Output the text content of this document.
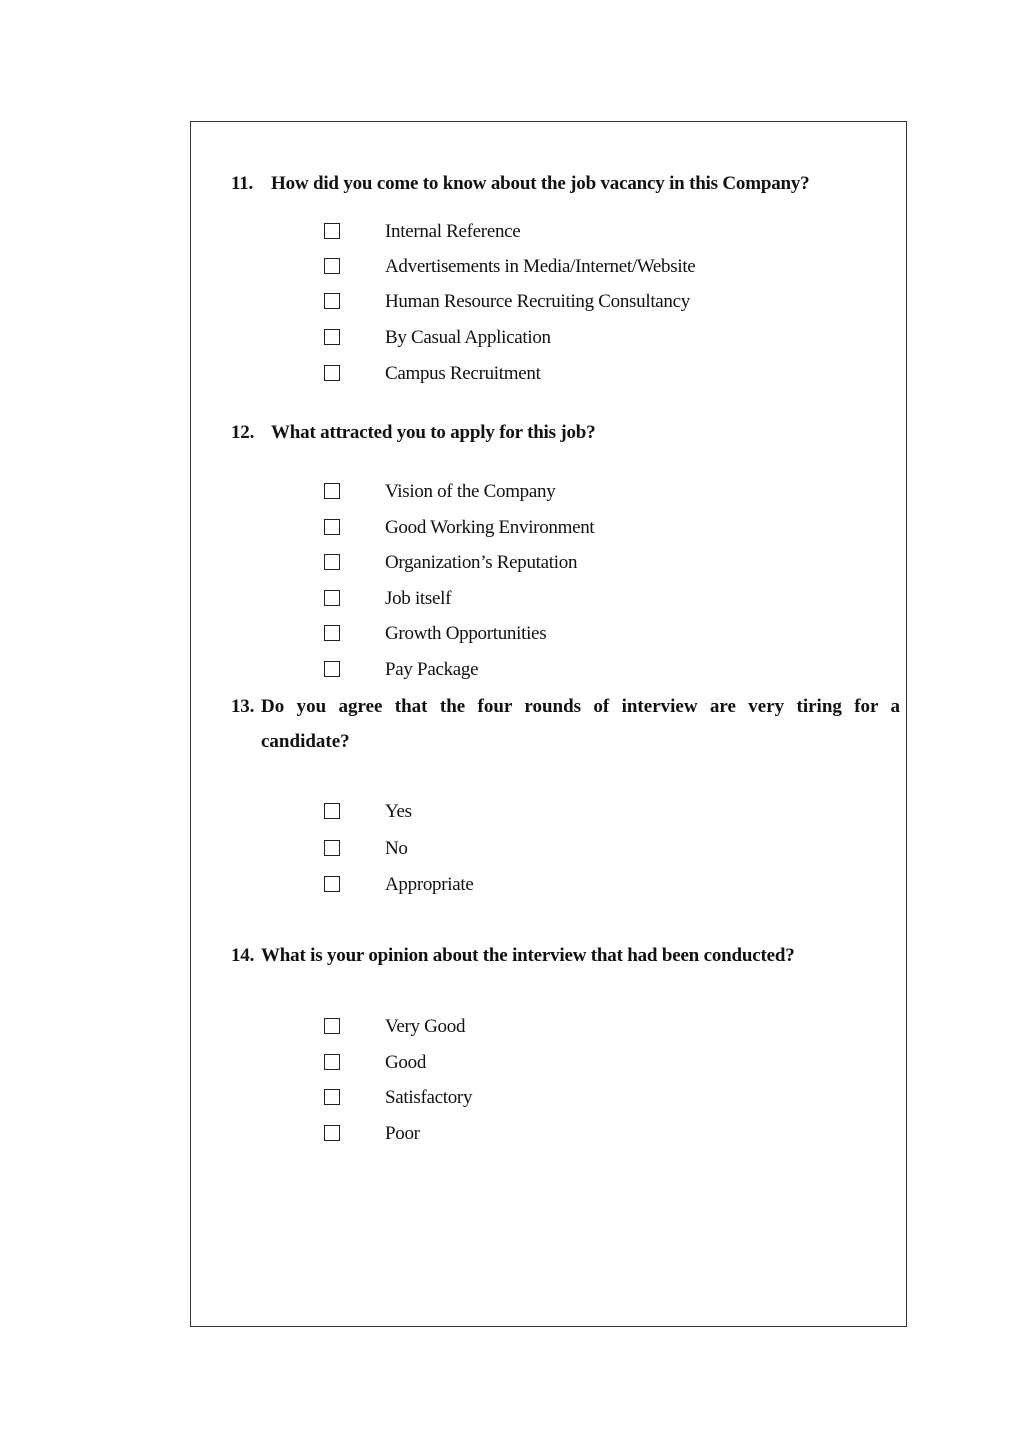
11. How did you come to know about the job vacancy in this Company?
Internal Reference
Advertisements in Media/Internet/Website
Human Resource Recruiting Consultancy
By Casual Application
Campus Recruitment
12. What attracted you to apply for this job?
Vision of the Company
Good Working Environment
Organization’s Reputation
Job itself
Growth Opportunities
Pay Package
13. Do you agree that the four rounds of interview are very tiring for a
candidate?
Yes
No
Appropriate
14. What is your opinion about the interview that had been conducted?
Very Good
Good
Satisfactory
Poor
